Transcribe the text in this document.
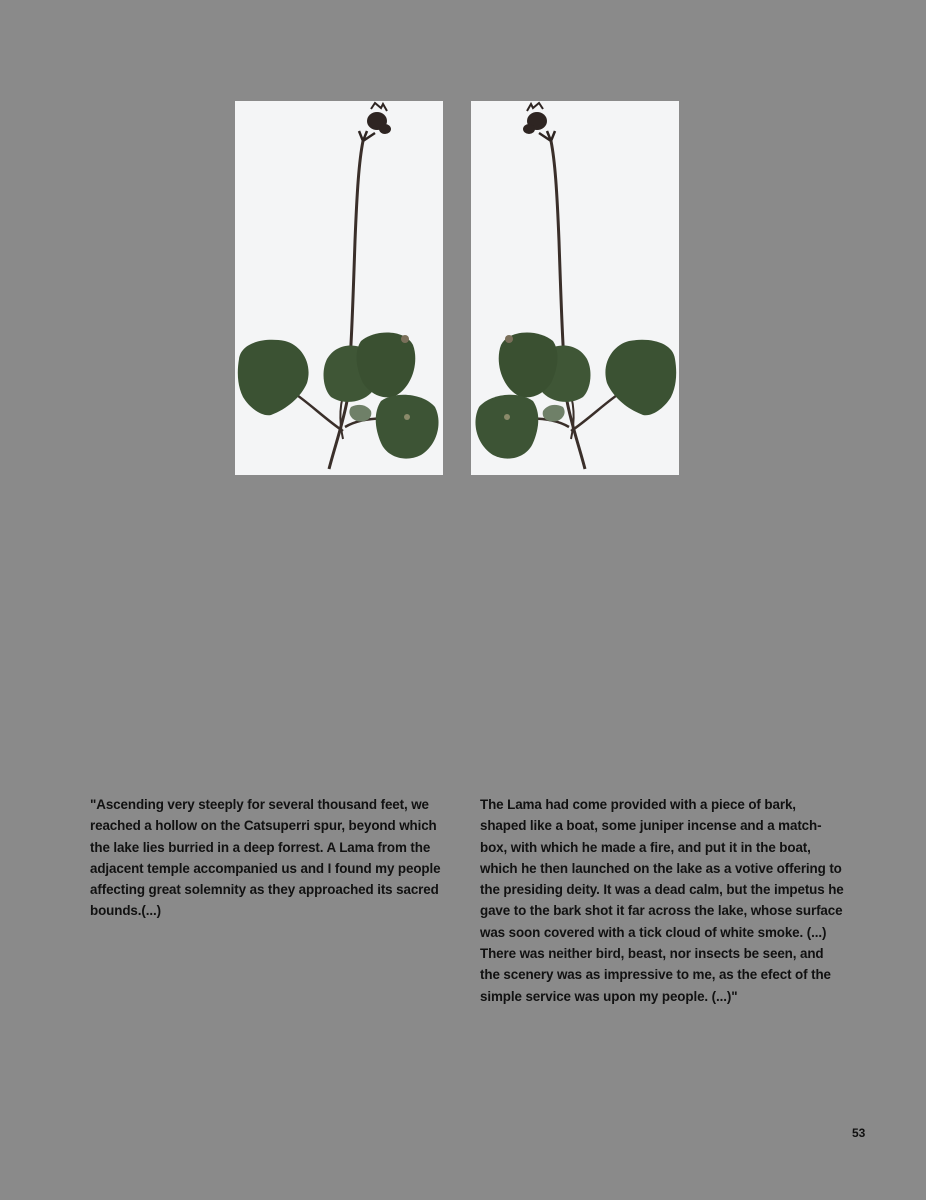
"Ascending very steeply for several thousand feet, we reached a hollow on the Catsuperri spur, beyond which the lake lies burried in a deep forrest. A Lama from the adjacent temple accompanied us and I found my people affecting great solemnity as they approached its sacred bounds.(...)

The Lama had come provided with a piece of bark, shaped like a boat, some juniper incense and a match-box, with which he made a fire, and put it in the boat, which he then launched on the lake as a votive offering to the presiding deity. It was a dead calm, but the impetus he gave to the bark shot it far across the lake, whose surface was soon covered with a tick cloud of white smoke. (...) There was neither bird, beast, nor insects be seen, and the scenery was as impressive to me, as the efect of the simple service was upon my people. (...)"

53
